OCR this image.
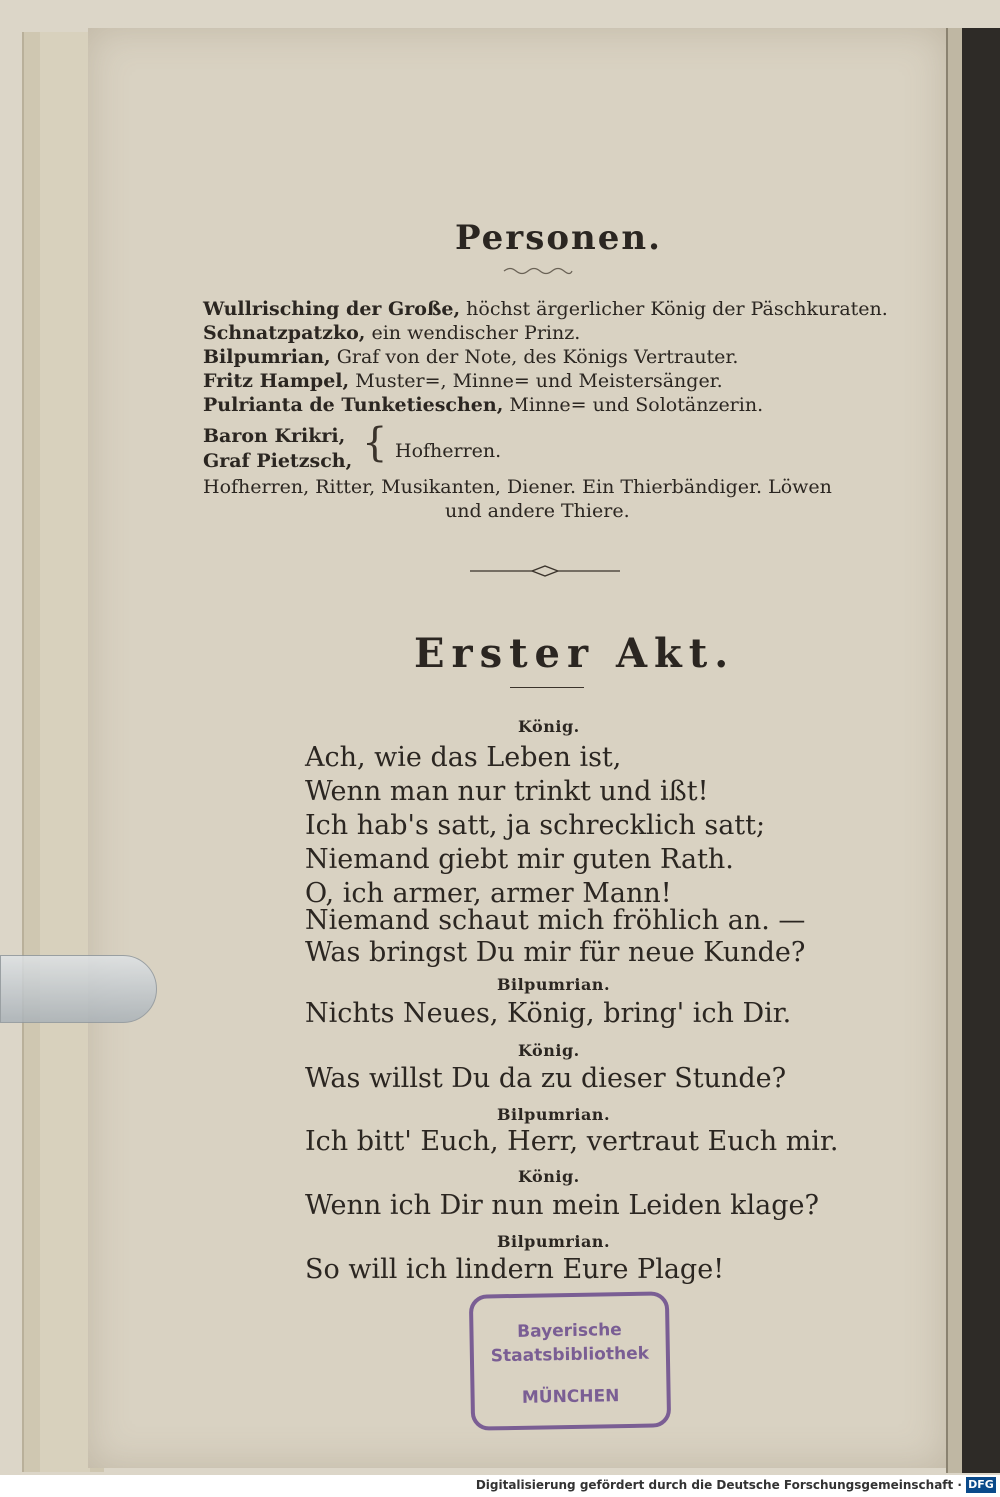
Personen.
Wullrisching der Große, höchst ärgerlicher König der Päschkuraten.
Schnatzpatzko, ein wendischer Prinz.
Bilpumrian, Graf von der Note, des Königs Vertrauter.
Fritz Hampel, Muster=, Minne= und Meistersänger.
Pulrianta de Tunketieschen, Minne= und Solotänzerin.
Baron Krikri,
Graf Pietzsch, { Hofherren.
Hofherren, Ritter, Musikanten, Diener. Ein Thierbändiger. Löwen
und andere Thiere.
Erster Akt.
König.
Ach, wie das Leben ist,
Wenn man nur trinkt und ißt!
Ich hab's satt, ja schrecklich satt;
Niemand giebt mir guten Rath.
O, ich armer, armer Mann!
Niemand schaut mich fröhlich an. —
Was bringst Du mir für neue Kunde?
Bilpumrian.
Nichts Neues, König, bring' ich Dir.
König.
Was willst Du da zu dieser Stunde?
Bilpumrian.
Ich bitt' Euch, Herr, vertraut Euch mir.
König.
Wenn ich Dir nun mein Leiden klage?
Bilpumrian.
So will ich lindern Eure Plage!
Bayerische
Staatsbibliothek
MÜNCHEN
Digitalisierung gefördert durch die Deutsche Forschungsgemeinschaft · DFG
